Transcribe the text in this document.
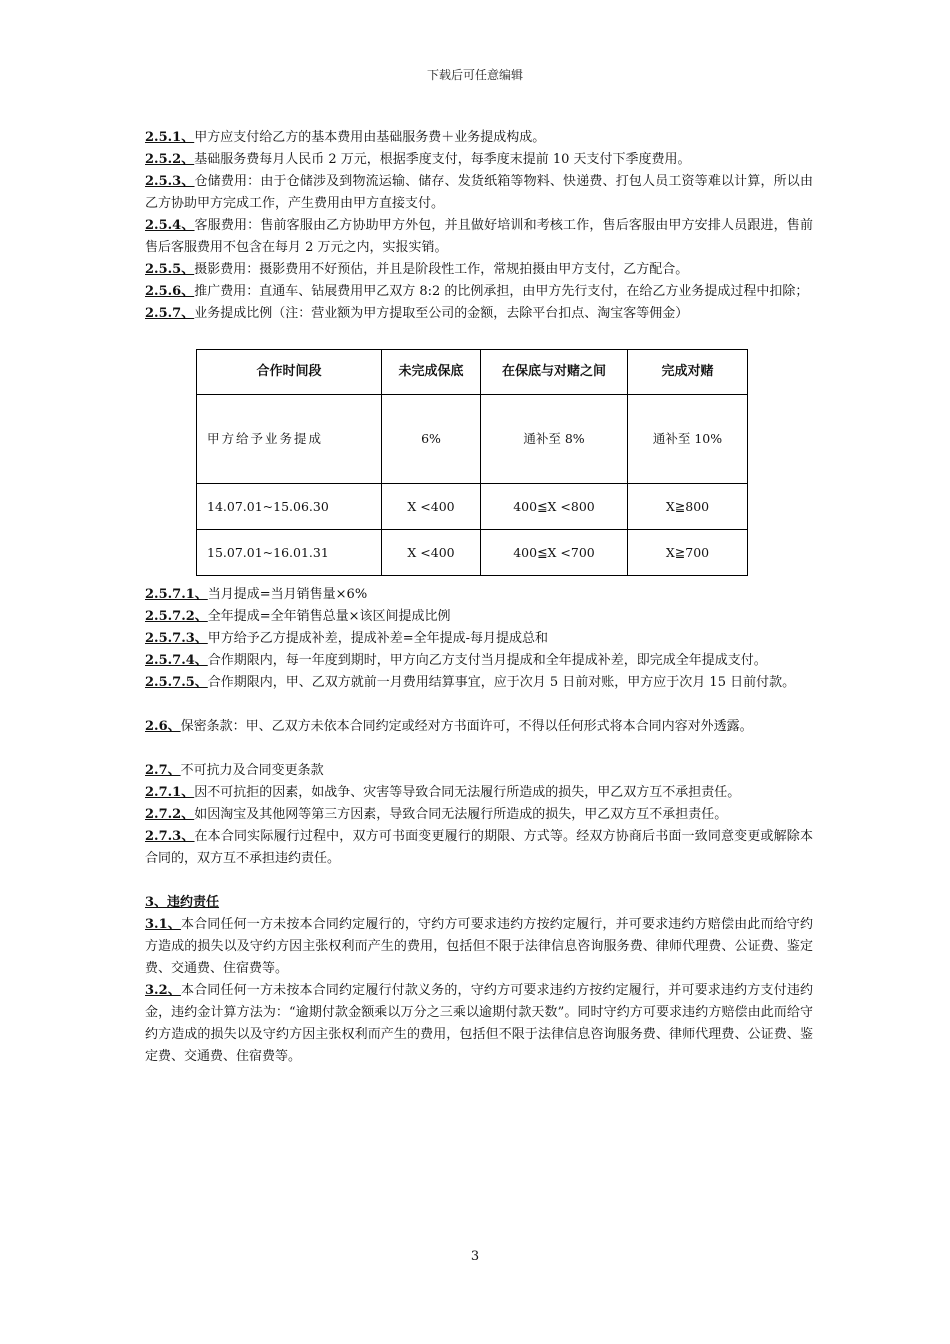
下载后可任意编辑

2.5.1、甲方应支付给乙方的基本费用由基础服务费＋业务提成构成。

2.5.2、基础服务费每月人民币 2 万元，根据季度支付，每季度末提前 10 天支付下季度费用。

2.5.3、仓储费用：由于仓储涉及到物流运输、储存、发货纸箱等物料、快递费、打包人员工资等难以计算，所以由乙方协助甲方完成工作，产生费用由甲方直接支付。

2.5.4、客服费用：售前客服由乙方协助甲方外包，并且做好培训和考核工作，售后客服由甲方安排人员跟进，售前售后客服费用不包含在每月 2 万元之内，实报实销。

2.5.5、摄影费用：摄影费用不好预估，并且是阶段性工作，常规拍摄由甲方支付，乙方配合。

2.5.6、推广费用：直通车、钻展费用甲乙双方 8:2 的比例承担，由甲方先行支付，在给乙方业务提成过程中扣除；

2.5.7、业务提成比例（注：营业额为甲方提取至公司的金额，去除平台扣点、淘宝客等佣金）

合作时间段	未完成保底	在保底与对赌之间	完成对赌

甲方给予业务提成	6%	通补至 8%	通补至 10%
14.07.01~15.06.30	X <400	400≦X <800	X≧800
15.07.01~16.01.31	X <400	400≦X <700	X≧700

2.5.7.1、当月提成=当月销售量×6%

2.5.7.2、全年提成=全年销售总量×该区间提成比例

2.5.7.3、甲方给予乙方提成补差，提成补差=全年提成-每月提成总和

2.5.7.4、合作期限内，每一年度到期时，甲方向乙方支付当月提成和全年提成补差，即完成全年提成支付。

2.5.7.5、合作期限内，甲、乙双方就前一月费用结算事宜，应于次月 5 日前对账，甲方应于次月 15 日前付款。

2.6、保密条款：甲、乙双方未依本合同约定或经对方书面许可，不得以任何形式将本合同内容对外透露。

2.7、不可抗力及合同变更条款

2.7.1、因不可抗拒的因素，如战争、灾害等导致合同无法履行所造成的损失，甲乙双方互不承担责任。

2.7.2、如因淘宝及其他网等第三方因素，导致合同无法履行所造成的损失，甲乙双方互不承担责任。

2.7.3、在本合同实际履行过程中，双方可书面变更履行的期限、方式等。经双方协商后书面一致同意变更或解除本合同的，双方互不承担违约责任。

3、违约责任

3.1、本合同任何一方未按本合同约定履行的，守约方可要求违约方按约定履行，并可要求违约方赔偿由此而给守约方造成的损失以及守约方因主张权利而产生的费用，包括但不限于法律信息咨询服务费、律师代理费、公证费、鉴定费、交通费、住宿费等。

3.2、本合同任何一方未按本合同约定履行付款义务的，守约方可要求违约方按约定履行，并可要求违约方支付违约金，违约金计算方法为：“逾期付款金额乘以万分之三乘以逾期付款天数”。同时守约方可要求违约方赔偿由此而给守约方造成的损失以及守约方因主张权利而产生的费用，包括但不限于法律信息咨询服务费、律师代理费、公证费、鉴定费、交通费、住宿费等。

3
